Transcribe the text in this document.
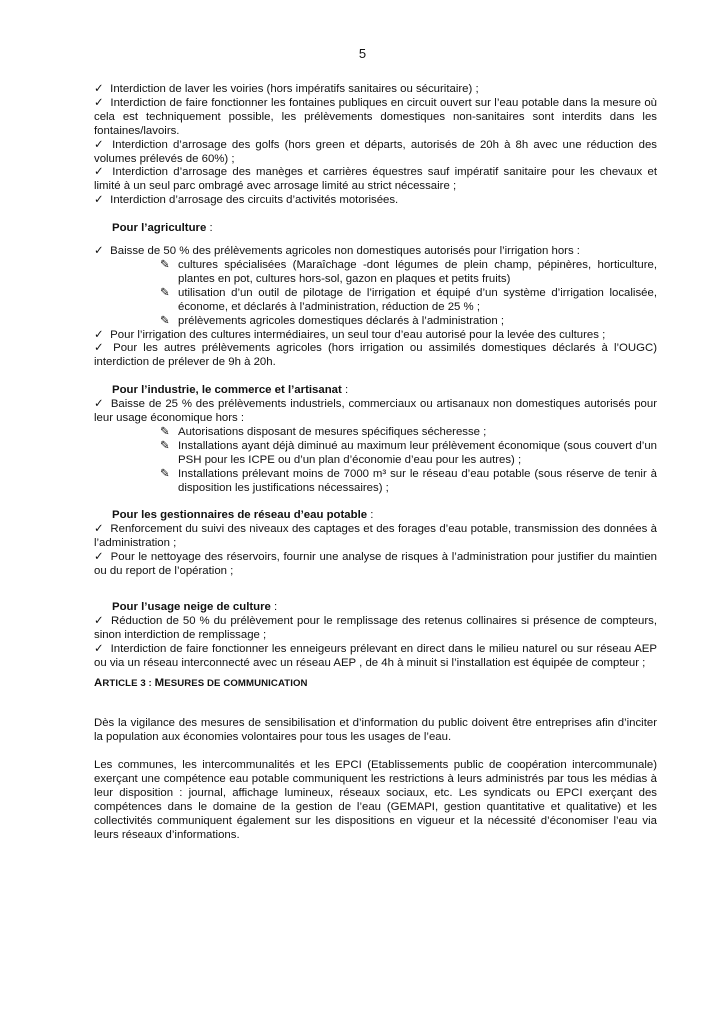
5

✓ Interdiction de laver les voiries (hors impératifs sanitaires ou sécuritaire) ;

✓ Interdiction de faire fonctionner les fontaines publiques en circuit ouvert sur l’eau potable dans la mesure où cela est techniquement possible, les prélèvements domestiques non-sanitaires sont interdits dans les fontaines/lavoirs.

✓ Interdiction d’arrosage des golfs (hors green et départs, autorisés de 20h à 8h avec une réduction des volumes prélevés de 60%) ;

✓ Interdiction d’arrosage des manèges et carrières équestres sauf impératif sanitaire pour les chevaux et limité à un seul parc ombragé avec arrosage limité au strict nécessaire ;

✓ Interdiction d’arrosage des circuits d’activités motorisées.

Pour l’agriculture :

✓ Baisse de 50 % des prélèvements agricoles non domestiques autorisés pour l’irrigation hors :

✎ cultures spécialisées (Maraîchage -dont légumes de plein champ, pépinères, horticulture, plantes en pot, cultures hors-sol, gazon en plaques et petits fruits)

✎ utilisation d’un outil de pilotage de l’irrigation et équipé d’un système d’irrigation localisée, économe, et déclarés à l’administration, réduction de 25 % ;

✎ prélèvements agricoles domestiques déclarés à l’administration ;

✓ Pour l’irrigation des cultures intermédiaires, un seul tour d’eau autorisé pour la levée des cultures ;

✓ Pour les autres prélèvements agricoles (hors irrigation ou assimilés domestiques déclarés à l’OUGC) interdiction de prélever de 9h à 20h.

Pour l’industrie, le commerce et l’artisanat :

✓ Baisse de 25 % des prélèvements industriels, commerciaux ou artisanaux non domestiques autorisés pour leur usage économique hors :

✎ Autorisations disposant de mesures spécifiques sécheresse ;

✎ Installations ayant déjà diminué au maximum leur prélèvement économique (sous couvert d’un PSH pour les ICPE ou d’un plan d’économie d’eau pour les autres) ;

✎ Installations prélevant moins de 7000 m³ sur le réseau d’eau potable (sous réserve de tenir à disposition les justifications nécessaires) ;

Pour les gestionnaires de réseau d’eau potable :

✓ Renforcement du suivi des niveaux des captages et des forages d’eau potable, transmission des données à l’administration ;

✓ Pour le nettoyage des réservoirs, fournir une analyse de risques à l’administration pour justifier du maintien ou du report de l’opération ;

Pour l’usage neige de culture :

✓ Réduction de 50 % du prélèvement pour le remplissage des retenus collinaires si présence de compteurs, sinon interdiction de remplissage ;

✓ Interdiction de faire fonctionner les enneigeurs prélevant en direct dans le milieu naturel ou sur réseau AEP ou via un réseau interconnecté avec un réseau AEP , de 4h à minuit si l’installation est équipée de compteur ;

ARTICLE 3 : MESURES DE COMMUNICATION

Dès la vigilance des mesures de sensibilisation et d’information du public doivent être entreprises afin d’inciter la population aux économies volontaires pour tous les usages de l’eau.

Les communes, les intercommunalités et les EPCI (Etablissements public de coopération intercommunale) exerçant une compétence eau potable communiquent les restrictions à leurs administrés par tous les médias à leur disposition : journal, affichage lumineux, réseaux sociaux, etc. Les syndicats ou EPCI exerçant des compétences dans le domaine de la gestion de l’eau (GEMAPI, gestion quantitative et qualitative) et les collectivités communiquent également sur les dispositions en vigueur et la nécessité d’économiser l’eau via leurs réseaux d’informations.
